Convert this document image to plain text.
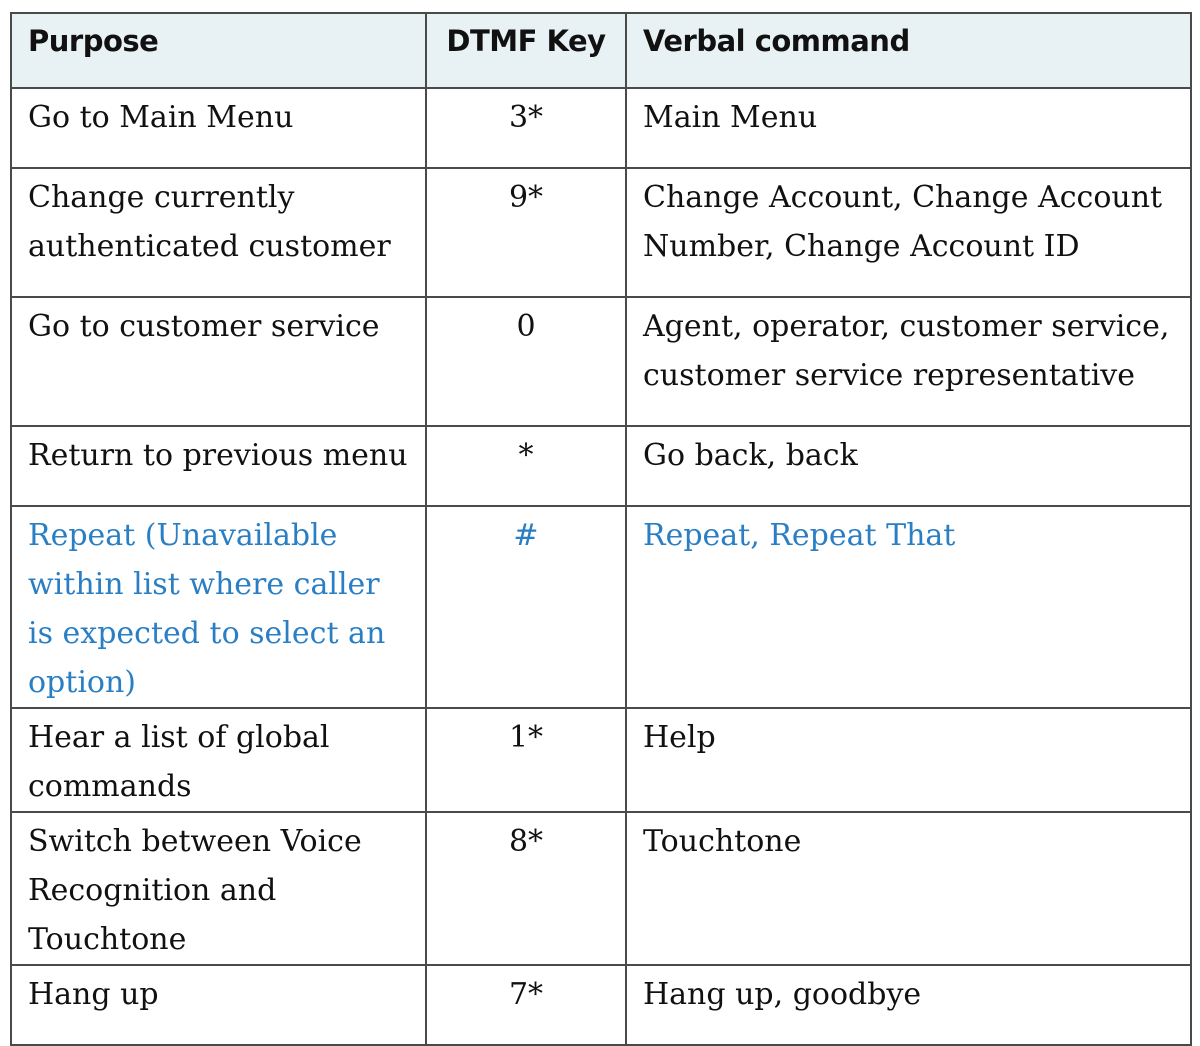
Purpose	DTMF Key	Verbal command
Go to Main Menu	3*	Main Menu
Change currently authenticated customer	9*	Change Account, Change Account Number, Change Account ID
Go to customer service	0	Agent, operator, customer service, customer service representative
Return to previous menu	*	Go back, back
Repeat (Unavailable within list where caller is expected to select an option)	#	Repeat, Repeat That
Hear a list of global commands	1*	Help
Switch between Voice Recognition and Touchtone	8*	Touchtone
Hang up	7*	Hang up, goodbye
